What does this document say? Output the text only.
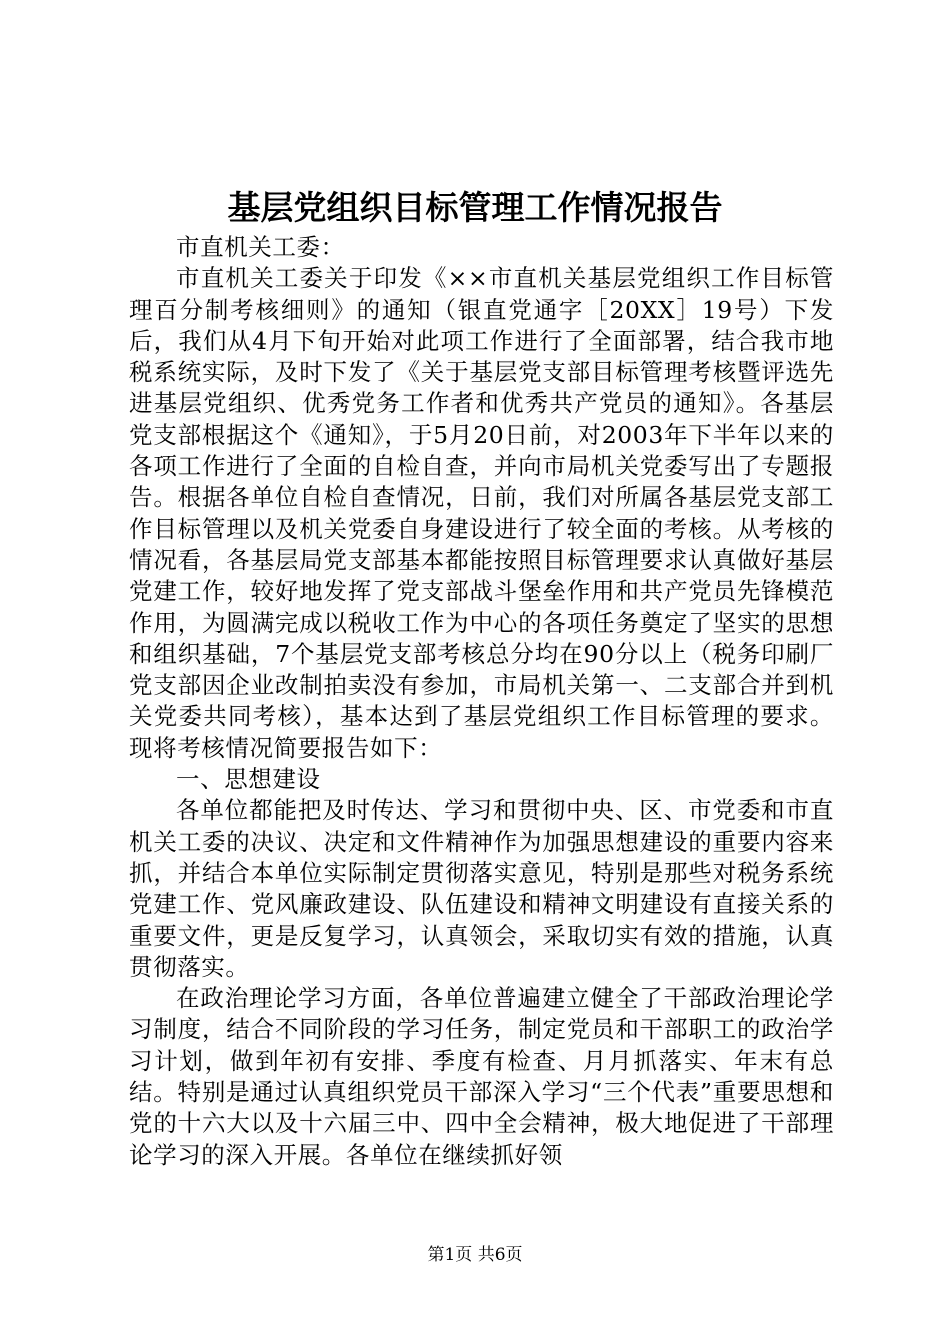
基层党组织目标管理工作情况报告

市直机关工委：

市直机关工委关于印发《××市直机关基层党组织工作目标管理百分制考核细则》的通知（银直党通字［20XX］19号）下发后，我们从4月下旬开始对此项工作进行了全面部署，结合我市地税系统实际，及时下发了《关于基层党支部目标管理考核暨评选先进基层党组织、优秀党务工作者和优秀共产党员的通知》。各基层党支部根据这个《通知》，于5月20日前，对2003年下半年以来的各项工作进行了全面的自检自查，并向市局机关党委写出了专题报告。根据各单位自检自查情况，日前，我们对所属各基层党支部工作目标管理以及机关党委自身建设进行了较全面的考核。从考核的情况看，各基层局党支部基本都能按照目标管理要求认真做好基层党建工作，较好地发挥了党支部战斗堡垒作用和共产党员先锋模范作用，为圆满完成以税收工作为中心的各项任务奠定了坚实的思想和组织基础，7个基层党支部考核总分均在90分以上（税务印刷厂党支部因企业改制拍卖没有参加，市局机关第一、二支部合并到机关党委共同考核），基本达到了基层党组织工作目标管理的要求。现将考核情况简要报告如下：

一、思想建设

各单位都能把及时传达、学习和贯彻中央、区、市党委和市直机关工委的决议、决定和文件精神作为加强思想建设的重要内容来抓，并结合本单位实际制定贯彻落实意见，特别是那些对税务系统党建工作、党风廉政建设、队伍建设和精神文明建设有直接关系的重要文件，更是反复学习，认真领会，采取切实有效的措施，认真贯彻落实。

在政治理论学习方面，各单位普遍建立健全了干部政治理论学习制度，结合不同阶段的学习任务，制定党员和干部职工的政治学习计划，做到年初有安排、季度有检查、月月抓落实、年末有总结。特别是通过认真组织党员干部深入学习“三个代表”重要思想和党的十六大以及十六届三中、四中全会精神，极大地促进了干部理论学习的深入开展。各单位在继续抓好领

第1页 共6页
